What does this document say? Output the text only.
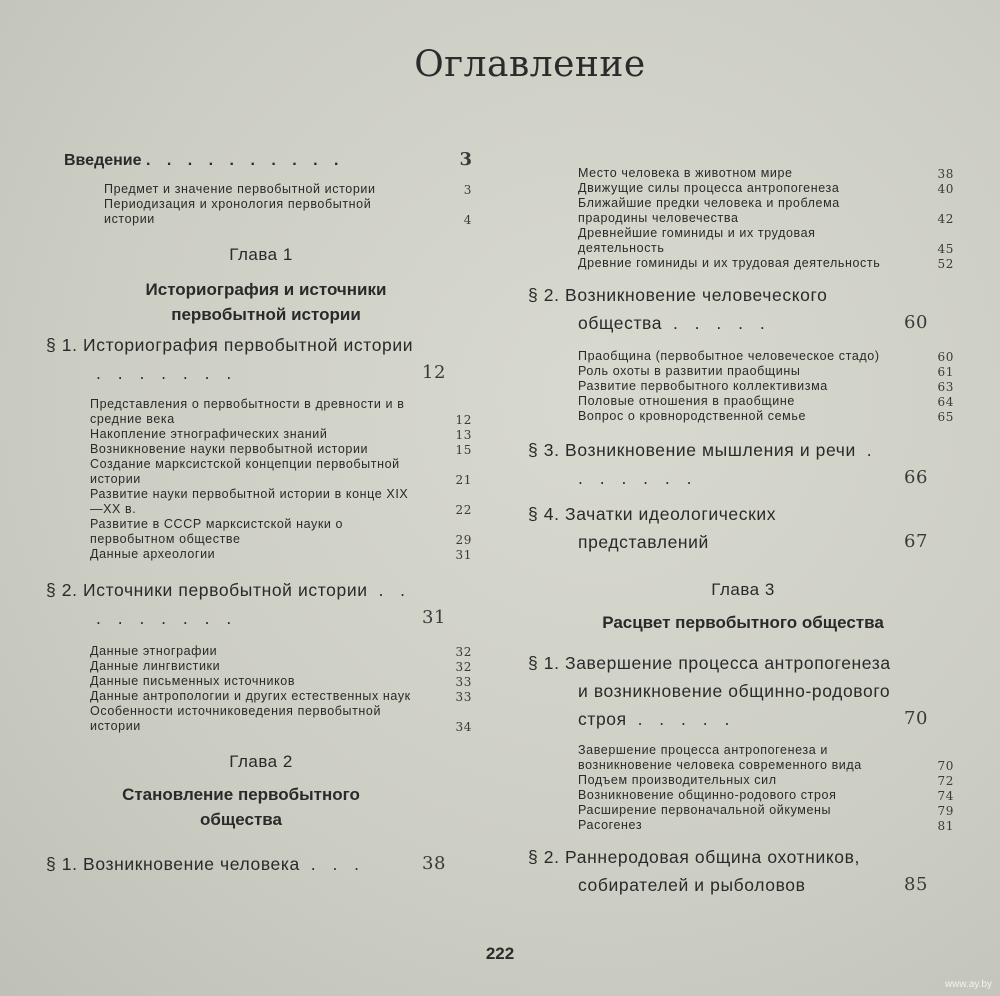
Оглавление
Введение . . . . . . . . . .	3
Предмет и значение первобытной истории	3
Периодизация и хронология первобытной истории	4
Глава 1
Историография и источники первобытной истории
§ 1. Историография первобытной истории . . . . . . .	12
Представления о первобытности в древности и в средние века	12
Накопление этнографических знаний	13
Возникновение науки первобытной истории	15
Создание марксистской концепции первобытной истории	21
Развитие науки первобытной истории в конце XIX—XX в.	22
Развитие в СССР марксистской науки о первобытном обществе	29
Данные археологии	31
§ 2. Источники первобытной истории . . . . . . . . .	31
Данные этнографии	32
Данные лингвистики	32
Данные письменных источников	33
Данные антропологии и других естественных наук	33
Особенности источниковедения первобытной истории	34
Глава 2
Становление первобытного общества
§ 1. Возникновение человека . . .	38
Место человека в животном мире	38
Движущие силы процесса антропогенеза	40
Ближайшие предки человека и проблема прародины человечества	42
Древнейшие гоминиды и их трудовая деятельность	45
Древние гоминиды и их трудовая деятельность	52
§ 2. Возникновение человеческого общества . . . . .	60
Праобщина (первобытное человеческое стадо)	60
Роль охоты в развитии праобщины	61
Развитие первобытного коллективизма	63
Половые отношения в праобщине	64
Вопрос о кровнородственной семье	65
§ 3. Возникновение мышления и речи . . . . . . .	66
§ 4. Зачатки идеологических представлений	67
Глава 3
Расцвет первобытного общества
§ 1. Завершение процесса антропогенеза и возникновение общинно-родового строя . . . . .	70
Завершение процесса антропогенеза и возникновение человека современного вида	70
Подъем производительных сил	72
Возникновение общинно-родового строя	74
Расширение первоначальной ойкумены	79
Расогенез	81
§ 2. Раннеродовая община охотников, собирателей и рыболовов	85
222
www.ay.by
